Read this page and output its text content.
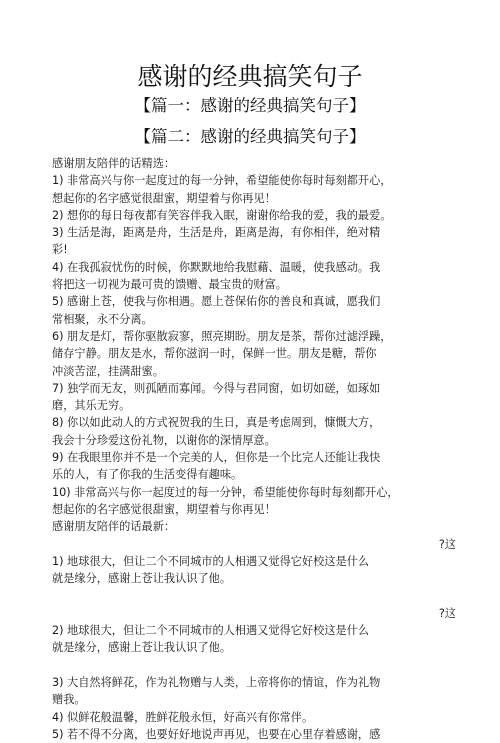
感谢的经典搞笑句子
【篇一：感谢的经典搞笑句子】
【篇二：感谢的经典搞笑句子】

感谢朋友陪伴的话精选：

1) 非常高兴与你一起度过的每一分钟，希望能使你每时每刻都开心，
想起你的名字感觉很甜蜜，期望着与你再见！

2) 想你的每日每夜都有笑容伴我入眠，谢谢你给我的爱，我的最爱。

3) 生活是海，距离是舟，生活是舟，距离是海，有你相伴，绝对精
彩!

4) 在我孤寂忧伤的时候，你默默地给我慰藉、温暖，使我感动。我
将把这一切视为最可贵的馈赠、最宝贵的财富。

5) 感谢上苍，使我与你相遇。愿上苍保佑你的善良和真诚，愿我们
常相聚，永不分离。

6) 朋友是灯，帮你驱散寂寥，照亮期盼。朋友是茶，帮你过滤浮躁，
储存宁静。朋友是水，帮你滋润一时，保鲜一世。朋友是糖，帮你
冲淡苦涩，挂满甜蜜。

7) 独学而无友，则孤陋而寡闻。今得与君同窗，如切如磋，如琢如
磨，其乐无穷。

8) 你以如此动人的方式祝贺我的生日，真是考虑周到，慷慨大方，
我会十分珍爱这份礼物，以谢你的深情厚意。

9) 在我眼里你并不是一个完美的人，但你是一个比完人还能让我快
乐的人，有了你我的生活变得有趣味。

10) 非常高兴与你一起度过的每一分钟，希望能使你每时每刻都开心，
想起你的名字感觉很甜蜜，期望着与你再见！

感谢朋友陪伴的话最新：

1) 地球很大，但让二个不同城市的人相遇又觉得它好校这是什么
就是缘分，感谢上苍让我认识了他。

?这

2) 地球很大，但让二个不同城市的人相遇又觉得它好校这是什么
就是缘分，感谢上苍让我认识了他。

?这

3) 大自然将鲜花，作为礼物赠与人类，上帝将你的情谊，作为礼物
赠我。

4) 似鲜花般温馨，胜鲜花般永恒，好高兴有你常伴。

5) 若不得不分离，也要好好地说声再见，也要在心里存着感谢，感
